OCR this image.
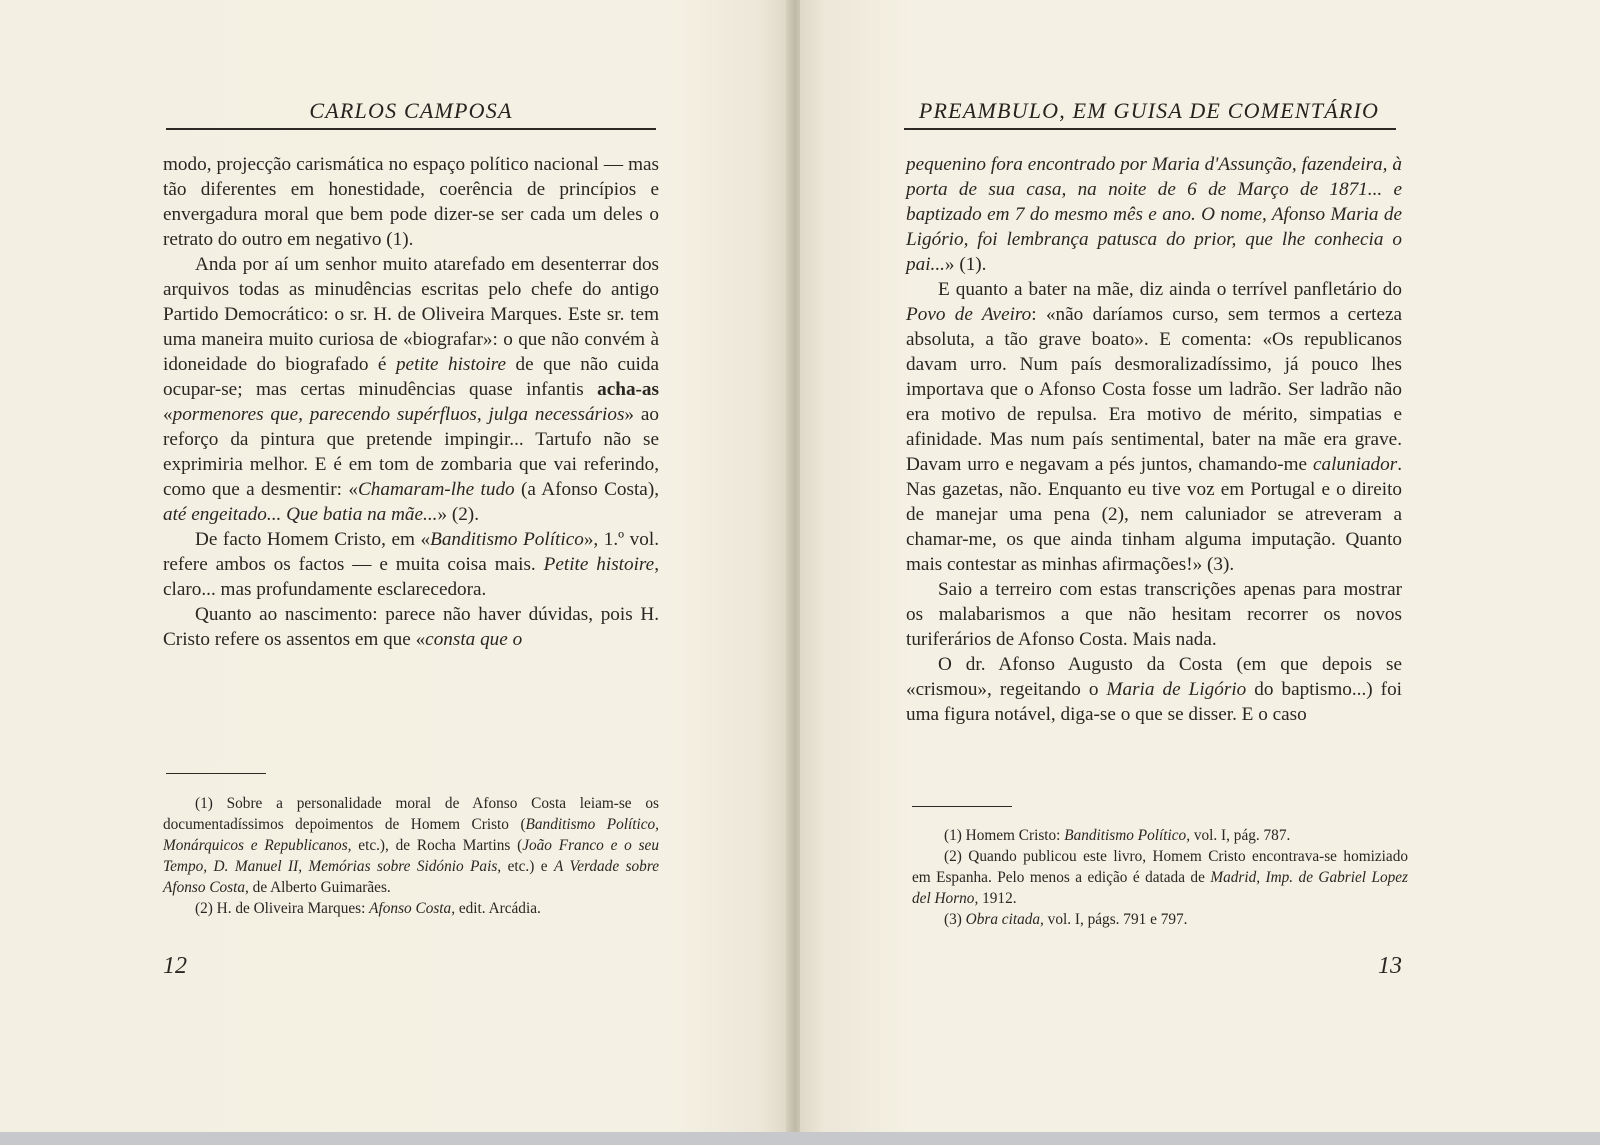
CARLOS CAMPOSA

modo, projecção carismática no espaço político nacional — mas tão diferentes em honestidade, coerência de princípios e envergadura moral que bem pode dizer-se ser cada um deles o retrato do outro em negativo (1).

Anda por aí um senhor muito atarefado em desenterrar dos arquivos todas as minudências escritas pelo chefe do antigo Partido Democrático: o sr. H. de Oliveira Marques. Este sr. tem uma maneira muito curiosa de «biografar»: o que não convém à idoneidade do biografado é petite histoire de que não cuida ocupar-se; mas certas minudências quase infantis acha-as «pormenores que, parecendo supérfluos, julga necessários» ao reforço da pintura que pretende impingir... Tartufo não se exprimiria melhor. E é em tom de zombaria que vai referindo, como que a desmentir: «Chamaram-lhe tudo (a Afonso Costa), até engeitado... Que batia na mãe...» (2).

De facto Homem Cristo, em «Banditismo Político», 1.º vol. refere ambos os factos — e muita coisa mais. Petite histoire, claro... mas profundamente esclarecedora.

Quanto ao nascimento: parece não haver dúvidas, pois H. Cristo refere os assentos em que «consta que o

(1) Sobre a personalidade moral de Afonso Costa leiam-se os documentadíssimos depoimentos de Homem Cristo (Banditismo Político, Monárquicos e Republicanos, etc.), de Rocha Martins (João Franco e o seu Tempo, D. Manuel II, Memórias sobre Sidónio Pais, etc.) e A Verdade sobre Afonso Costa, de Alberto Guimarães.

(2) H. de Oliveira Marques: Afonso Costa, edit. Arcádia.

12
PREAMBULO, EM GUISA DE COMENTÁRIO

pequenino fora encontrado por Maria d'Assunção, fazendeira, à porta de sua casa, na noite de 6 de Março de 1871... e baptizado em 7 do mesmo mês e ano. O nome, Afonso Maria de Ligório, foi lembrança patusca do prior, que lhe conhecia o pai...» (1).

E quanto a bater na mãe, diz ainda o terrível panfletário do Povo de Aveiro: «não daríamos curso, sem termos a certeza absoluta, a tão grave boato». E comenta: «Os republicanos davam urro. Num país desmoralizadíssimo, já pouco lhes importava que o Afonso Costa fosse um ladrão. Ser ladrão não era motivo de repulsa. Era motivo de mérito, simpatias e afinidade. Mas num país sentimental, bater na mãe era grave. Davam urro e negavam a pés juntos, chamando-me caluniador. Nas gazetas, não. Enquanto eu tive voz em Portugal e o direito de manejar uma pena (2), nem caluniador se atreveram a chamar-me, os que ainda tinham alguma imputação. Quanto mais contestar as minhas afirmações!» (3).

Saio a terreiro com estas transcrições apenas para mostrar os malabarismos a que não hesitam recorrer os novos turiferários de Afonso Costa. Mais nada.

O dr. Afonso Augusto da Costa (em que depois se «crismou», regeitando o Maria de Ligório do baptismo...) foi uma figura notável, diga-se o que se disser. E o caso

(1) Homem Cristo: Banditismo Político, vol. I, pág. 787.

(2) Quando publicou este livro, Homem Cristo encontrava-se homiziado em Espanha. Pelo menos a edição é datada de Madrid, Imp. de Gabriel Lopez del Horno, 1912.

(3) Obra citada, vol. I, págs. 791 e 797.

13
